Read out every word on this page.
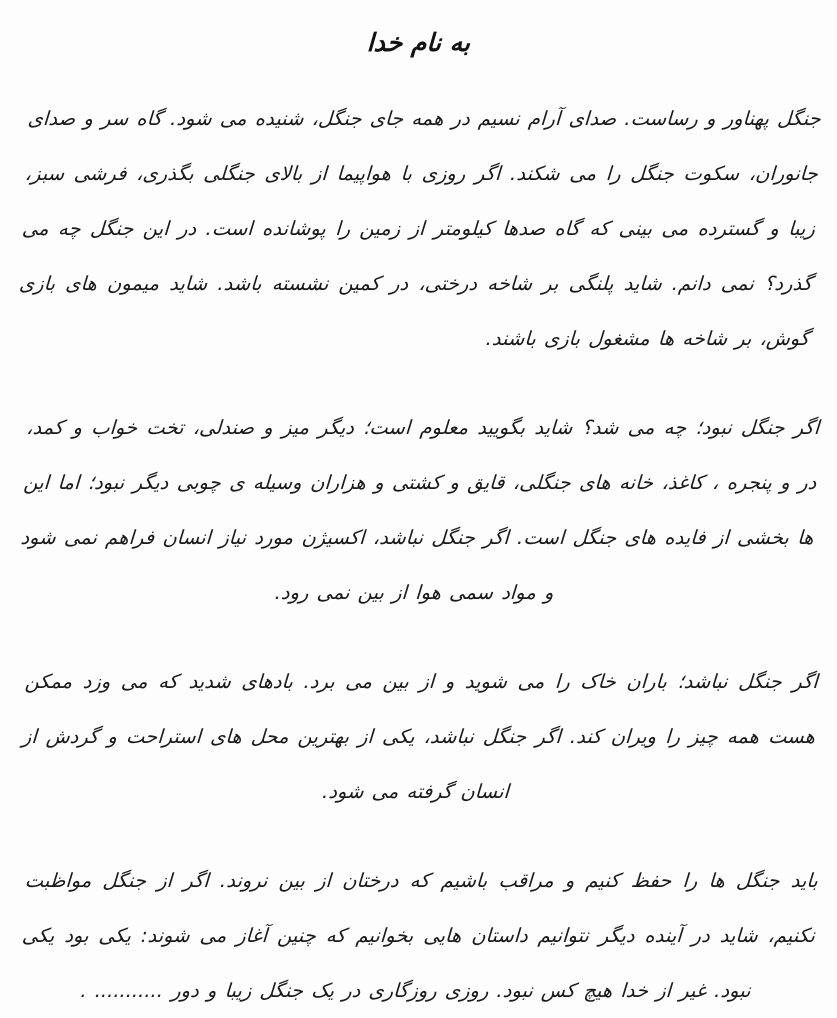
به نام خدا

جنگل پهناور و رساست. صدای آرام نسیم در همه جای جنگل، شنیده می شود. گاه سر و صدای جانوران، سکوت جنگل را می شکند. اگر روزی با هواپیما از بالای جنگلی بگذری، فرشی سبز، زیبا و گسترده می بینی که گاه صدها کیلومتر از زمین را پوشانده است. در این جنگل چه می گذرد؟ نمی دانم. شاید پلنگی بر شاخه درختی، در کمین نشسته باشد. شاید میمون های بازی گوش، بر شاخه ها مشغول بازی باشند.

اگر جنگل نبود؛ چه می شد؟ شاید بگویید معلوم است؛ دیگر میز و صندلی، تخت خواب و کمد، در و پنجره ، کاغذ، خانه های جنگلی، قایق و کشتی و هزاران وسیله ی چوبی دیگر نبود؛ اما این ها بخشی از فایده های جنگل است. اگر جنگل نباشد، اکسیژن مورد نیاز انسان فراهم نمی شود و مواد سمی هوا از بین نمی رود.

اگر جنگل نباشد؛ باران خاک را می شوید و از بین می برد. بادهای شدید که می وزد ممکن هست همه چیز را ویران کند. اگر جنگل نباشد، یکی از بهترین محل های استراحت و گردش از انسان گرفته می شود.

باید جنگل ها را حفظ کنیم و مراقب باشیم که درختان از بین نروند. اگر از جنگل مواظبت نکنیم، شاید در آینده دیگر نتوانیم داستان هایی بخوانیم که چنین آغاز می شوند: یکی بود یکی نبود. غیر از خدا هیچ کس نبود. روزی روزگاری در یک جنگل زیبا و دور ........... .
